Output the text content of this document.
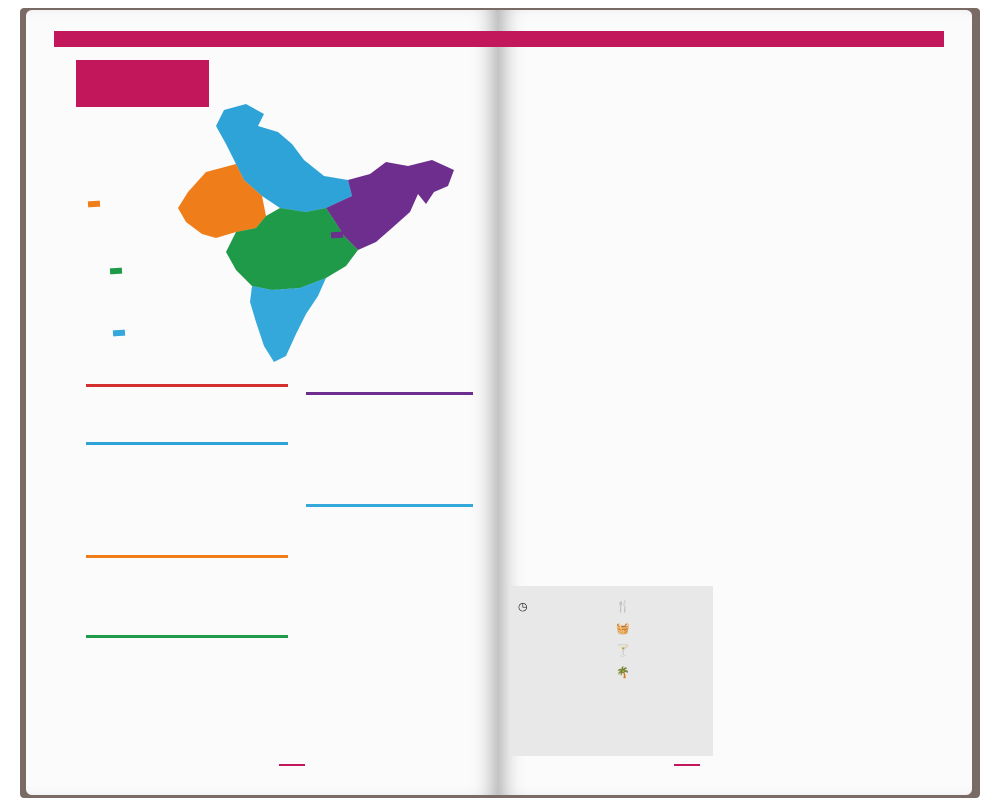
◷	🍴
🧺
🍸
🌴
